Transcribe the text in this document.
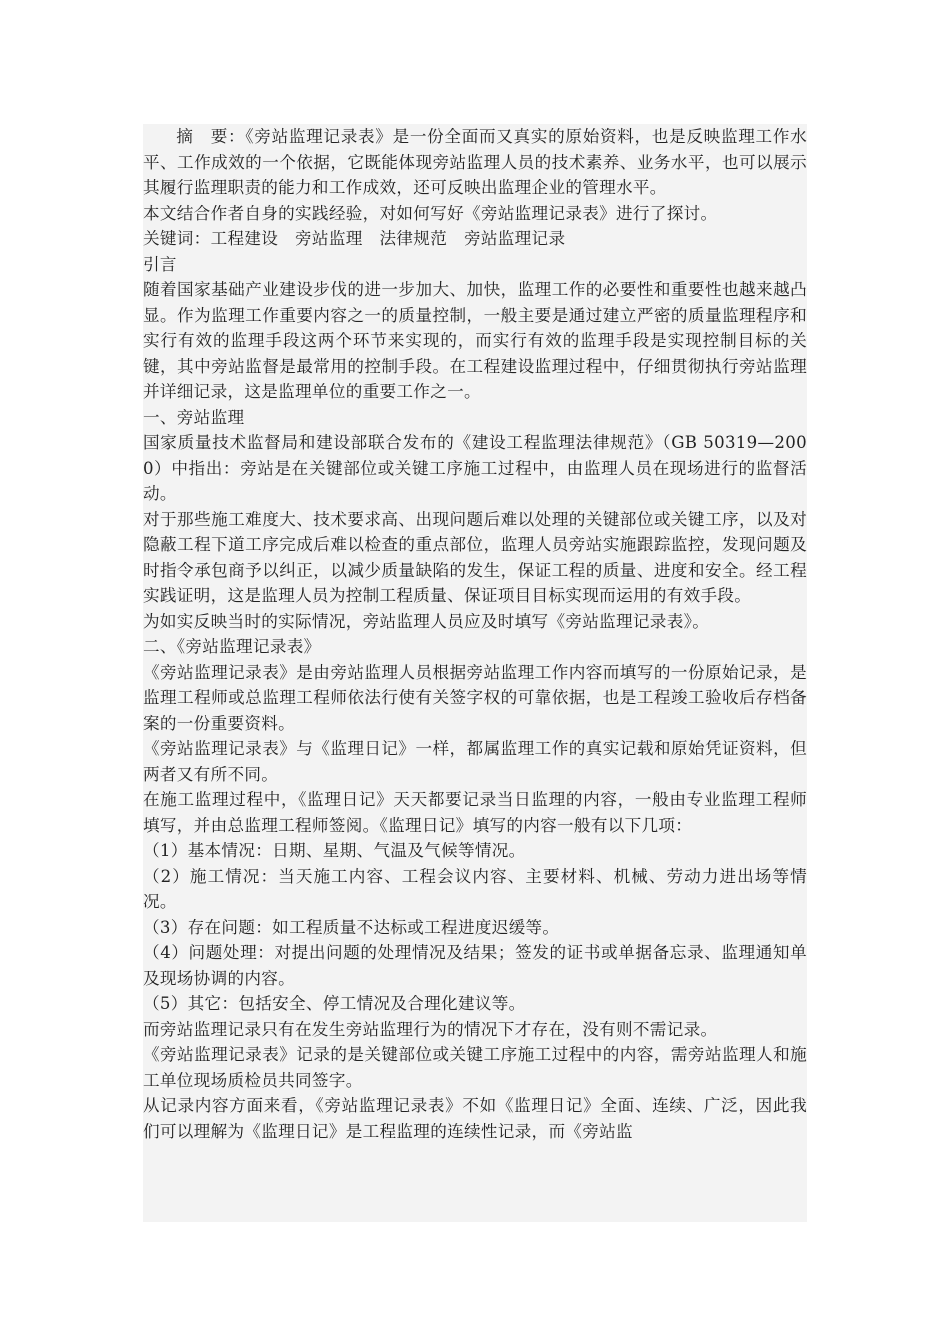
摘　要：《旁站监理记录表》是一份全面而又真实的原始资料，也是反映监理工作水平、工作成效的一个依据，它既能体现旁站监理人员的技术素养、业务水平，也可以展示其履行监理职责的能力和工作成效，还可反映出监理企业的管理水平。

本文结合作者自身的实践经验，对如何写好《旁站监理记录表》进行了探讨。

关键词：工程建设　旁站监理　法律规范　旁站监理记录

引言

随着国家基础产业建设步伐的进一步加大、加快，监理工作的必要性和重要性也越来越凸显。作为监理工作重要内容之一的质量控制，一般主要是通过建立严密的质量监理程序和实行有效的监理手段这两个环节来实现的，而实行有效的监理手段是实现控制目标的关键，其中旁站监督是最常用的控制手段。在工程建设监理过程中，仔细贯彻执行旁站监理并详细记录，这是监理单位的重要工作之一。

一、旁站监理

国家质量技术监督局和建设部联合发布的《建设工程监理法律规范》（GB 50319—2000）中指出：旁站是在关键部位或关键工序施工过程中，由监理人员在现场进行的监督活动。

对于那些施工难度大、技术要求高、出现问题后难以处理的关键部位或关键工序，以及对隐蔽工程下道工序完成后难以检查的重点部位，监理人员旁站实施跟踪监控，发现问题及时指令承包商予以纠正，以减少质量缺陷的发生，保证工程的质量、进度和安全。经工程实践证明，这是监理人员为控制工程质量、保证项目目标实现而运用的有效手段。

为如实反映当时的实际情况，旁站监理人员应及时填写《旁站监理记录表》。

二、《旁站监理记录表》

《旁站监理记录表》是由旁站监理人员根据旁站监理工作内容而填写的一份原始记录，是监理工程师或总监理工程师依法行使有关签字权的可靠依据，也是工程竣工验收后存档备案的一份重要资料。

《旁站监理记录表》与《监理日记》一样，都属监理工作的真实记载和原始凭证资料，但两者又有所不同。

在施工监理过程中，《监理日记》天天都要记录当日监理的内容，一般由专业监理工程师填写，并由总监理工程师签阅。《监理日记》填写的内容一般有以下几项：

（1）基本情况：日期、星期、气温及气候等情况。

（2）施工情况：当天施工内容、工程会议内容、主要材料、机械、劳动力进出场等情况。

（3）存在问题：如工程质量不达标或工程进度迟缓等。

（4）问题处理：对提出问题的处理情况及结果；签发的证书或单据备忘录、监理通知单及现场协调的内容。

（5）其它：包括安全、停工情况及合理化建议等。

而旁站监理记录只有在发生旁站监理行为的情况下才存在，没有则不需记录。

《旁站监理记录表》记录的是关键部位或关键工序施工过程中的内容，需旁站监理人和施工单位现场质检员共同签字。

从记录内容方面来看，《旁站监理记录表》不如《监理日记》全面、连续、广泛，因此我们可以理解为《监理日记》是工程监理的连续性记录，而《旁站监
